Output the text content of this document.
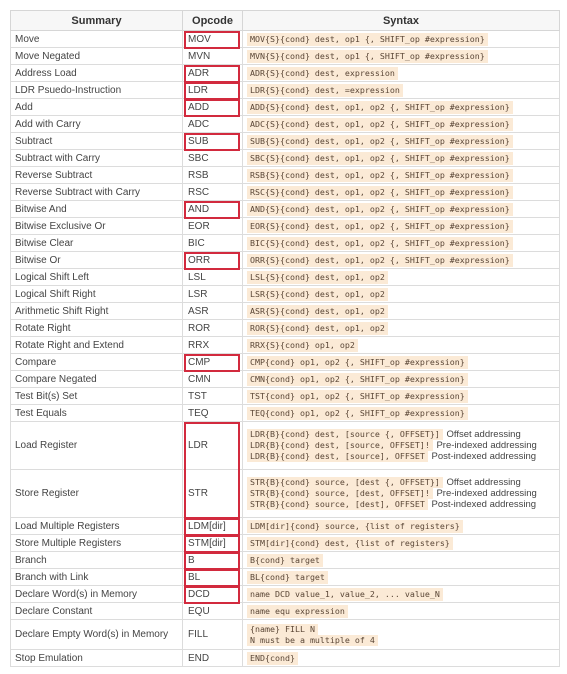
Summary	Opcode	Syntax
Move	MOV	MOV{S}{cond} dest, op1 {, SHIFT_op #expression}
Move Negated	MVN	MVN{S}{cond} dest, op1 {, SHIFT_op #expression}
Address Load	ADR	ADR{S}{cond} dest, expression
LDR Psuedo-Instruction	LDR	LDR{S}{cond} dest, =expression
Add	ADD	ADD{S}{cond} dest, op1, op2 {, SHIFT_op #expression}
Add with Carry	ADC	ADC{S}{cond} dest, op1, op2 {, SHIFT_op #expression}
Subtract	SUB	SUB{S}{cond} dest, op1, op2 {, SHIFT_op #expression}
Subtract with Carry	SBC	SBC{S}{cond} dest, op1, op2 {, SHIFT_op #expression}
Reverse Subtract	RSB	RSB{S}{cond} dest, op1, op2 {, SHIFT_op #expression}
Reverse Subtract with Carry	RSC	RSC{S}{cond} dest, op1, op2 {, SHIFT_op #expression}
Bitwise And	AND	AND{S}{cond} dest, op1, op2 {, SHIFT_op #expression}
Bitwise Exclusive Or	EOR	EOR{S}{cond} dest, op1, op2 {, SHIFT_op #expression}
Bitwise Clear	BIC	BIC{S}{cond} dest, op1, op2 {, SHIFT_op #expression}
Bitwise Or	ORR	ORR{S}{cond} dest, op1, op2 {, SHIFT_op #expression}
Logical Shift Left	LSL	LSL{S}{cond} dest, op1, op2
Logical Shift Right	LSR	LSR{S}{cond} dest, op1, op2
Arithmetic Shift Right	ASR	ASR{S}{cond} dest, op1, op2
Rotate Right	ROR	ROR{S}{cond} dest, op1, op2
Rotate Right and Extend	RRX	RRX{S}{cond} op1, op2
Compare	CMP	CMP{cond} op1, op2 {, SHIFT_op #expression}
Compare Negated	CMN	CMN{cond} op1, op2 {, SHIFT_op #expression}
Test Bit(s) Set	TST	TST{cond} op1, op2 {, SHIFT_op #expression}
Test Equals	TEQ	TEQ{cond} op1, op2 {, SHIFT_op #expression}
Load Register	LDR	LDR{B}{cond} dest, [source {, OFFSET}] Offset addressing
LDR{B}{cond} dest, [source, OFFSET]! Pre-indexed addressing
LDR{B}{cond} dest, [source], OFFSET Post-indexed addressing

Store Register	STR	STR{B}{cond} source, [dest {, OFFSET}] Offset addressing
STR{B}{cond} source, [dest, OFFSET]! Pre-indexed addressing
STR{B}{cond} source, [dest], OFFSET Post-indexed addressing

Load Multiple Registers	LDM[dir]	LDM[dir]{cond} source, {list of registers}
Store Multiple Registers	STM[dir]	STM[dir]{cond} dest, {list of registers}
Branch	B	B{cond} target
Branch with Link	BL	BL{cond} target
Declare Word(s) in Memory	DCD	name DCD value_1, value_2, ... value_N
Declare Constant	EQU	name equ expression
Declare Empty Word(s) in Memory	FILL	{name} FILL N
N must be a multiple of 4

Stop Emulation	END	END{cond}
